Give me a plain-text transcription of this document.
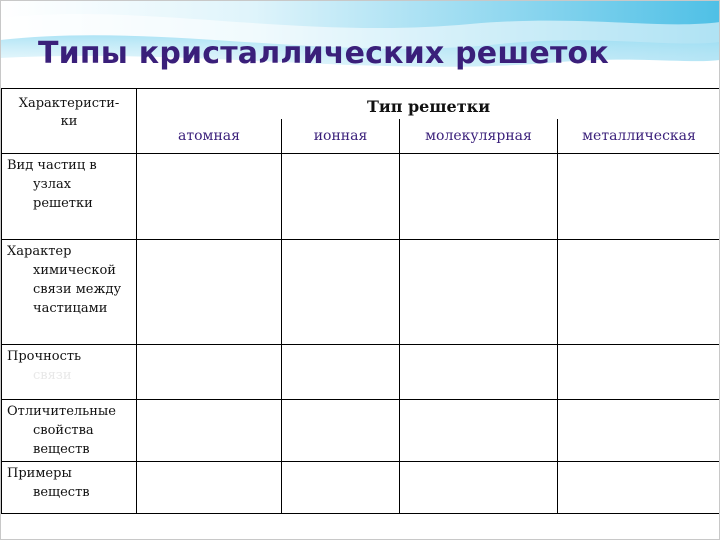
Типы кристаллических решеток
Характеристи-
ки	Тип решетки			
	атомная	ионная	молекулярная	металлическая

Вид частиц в
узлах
решетки				

Характер
химической
связи между
частицами				

Прочность
связи				

Отличительные
свойства
веществ				

Примеры
веществ				
